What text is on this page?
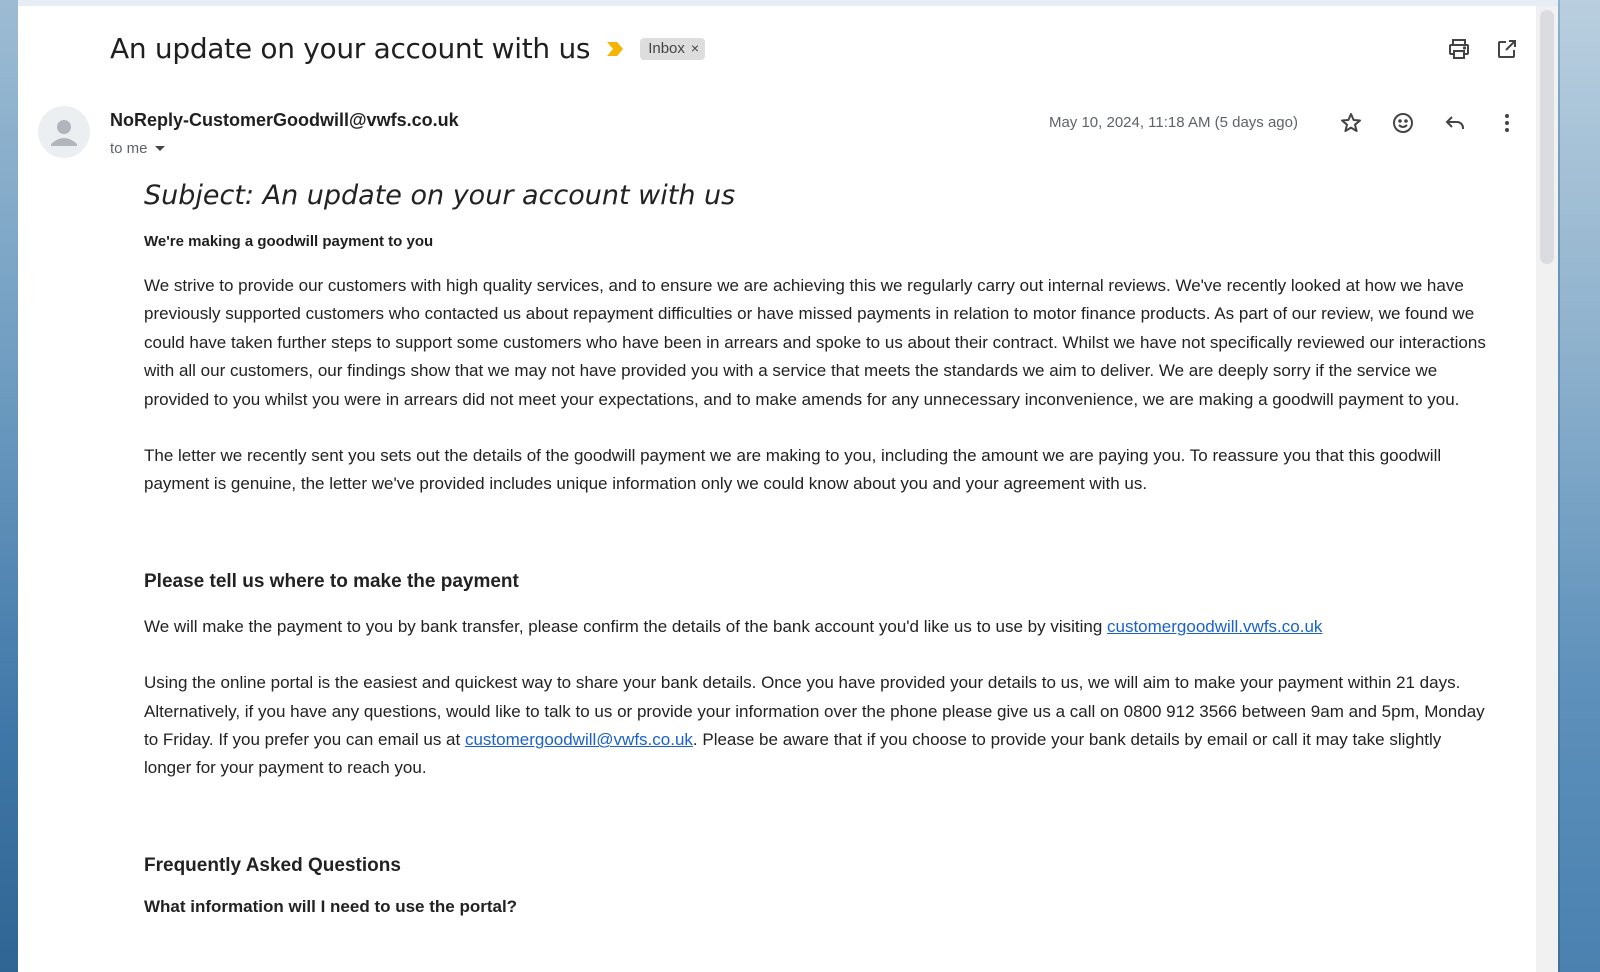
An update on your account with us	Inbox ×
NoReply-CustomerGoodwill@vwfs.co.uk
to me
May 10, 2024, 11:18 AM (5 days ago)
Subject: An update on your account with us
We're making a goodwill payment to you

We strive to provide our customers with high quality services, and to ensure we are achieving this we regularly carry out internal reviews. We've recently looked at how we have previously supported customers who contacted us about repayment difficulties or have missed payments in relation to motor finance products. As part of our review, we found we could have taken further steps to support some customers who have been in arrears and spoke to us about their contract. Whilst we have not specifically reviewed our interactions with all our customers, our findings show that we may not have provided you with a service that meets the standards we aim to deliver. We are deeply sorry if the service we provided to you whilst you were in arrears did not meet your expectations, and to make amends for any unnecessary inconvenience, we are making a goodwill payment to you.

The letter we recently sent you sets out the details of the goodwill payment we are making to you, including the amount we are paying you. To reassure you that this goodwill payment is genuine, the letter we've provided includes unique information only we could know about you and your agreement with us.

Please tell us where to make the payment

We will make the payment to you by bank transfer, please confirm the details of the bank account you'd like us to use by visiting customergoodwill.vwfs.co.uk

Using the online portal is the easiest and quickest way to share your bank details. Once you have provided your details to us, we will aim to make your payment within 21 days. Alternatively, if you have any questions, would like to talk to us or provide your information over the phone please give us a call on 0800 912 3566 between 9am and 5pm, Monday to Friday. If you prefer you can email us at customergoodwill@vwfs.co.uk. Please be aware that if you choose to provide your bank details by email or call it may take slightly longer for your payment to reach you.

Frequently Asked Questions
What information will I need to use the portal?
